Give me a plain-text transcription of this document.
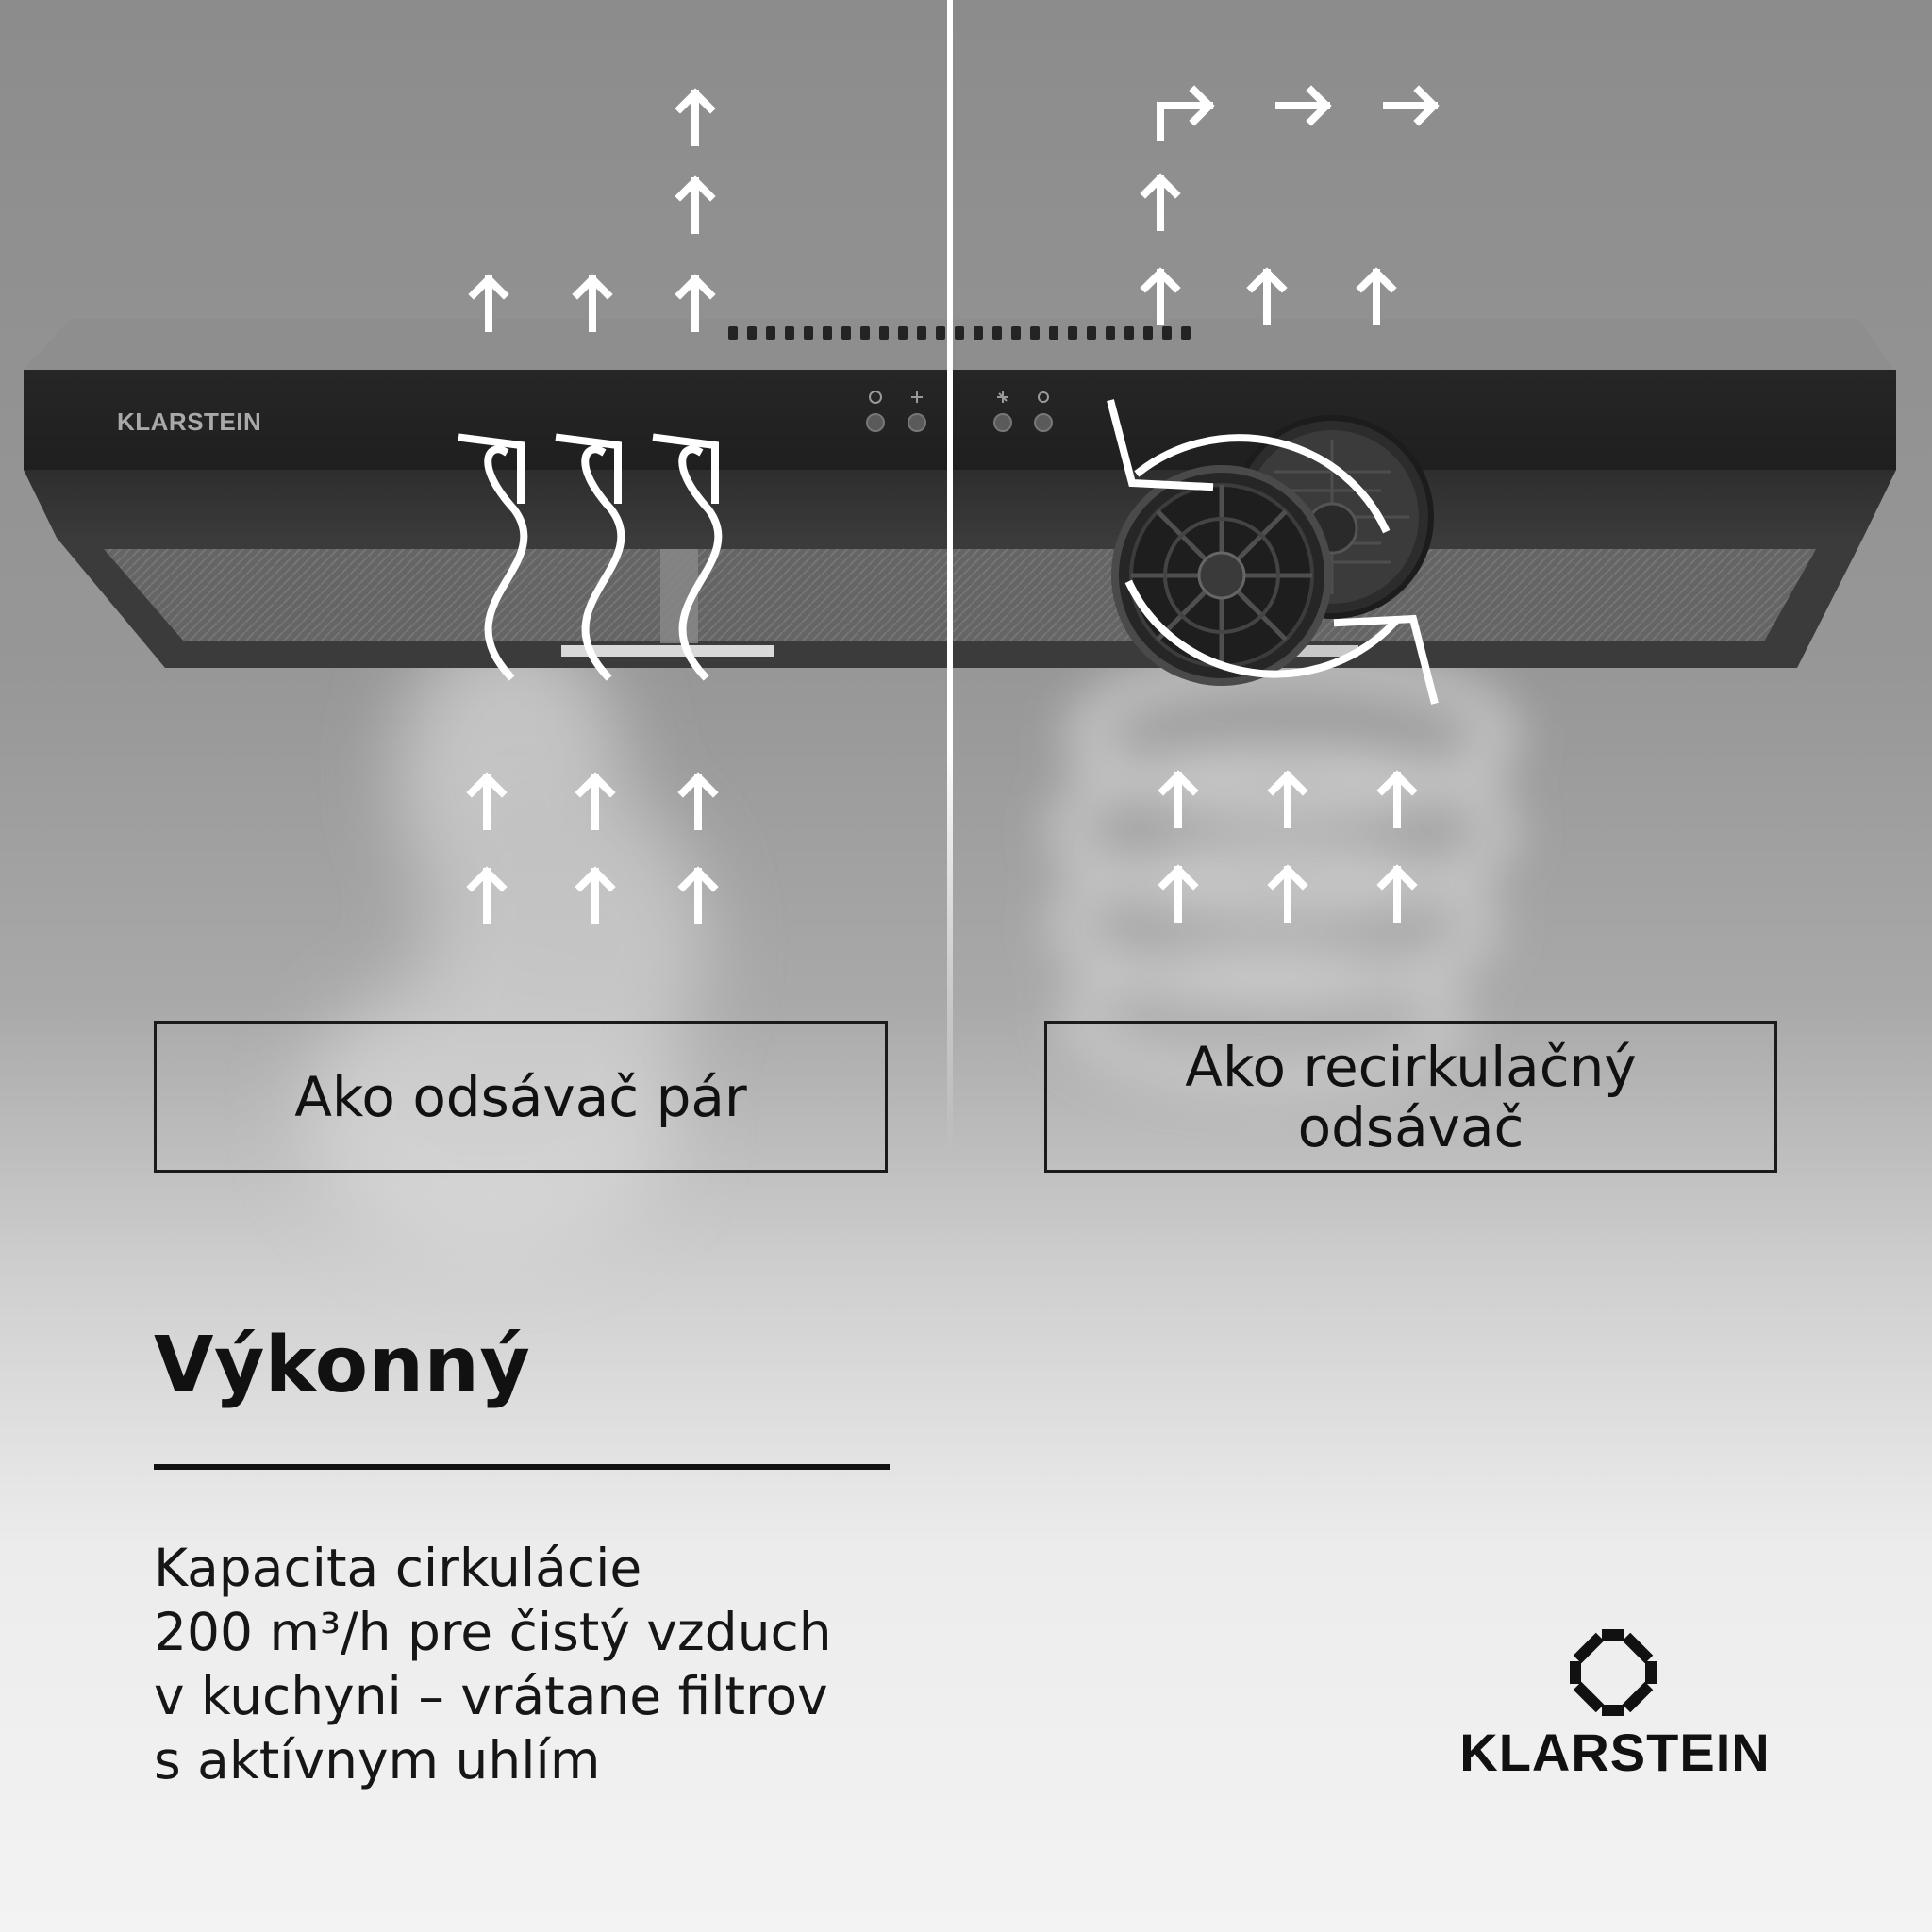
KLARSTEIN
Ako odsávač pár	Ako recirkulačný
odsávač
Výkonný
Kapacita cirkulácie
200 m³/h pre čistý vzduch
v kuchyni – vrátane filtrov
s aktívnym uhlím	KLARSTEIN
